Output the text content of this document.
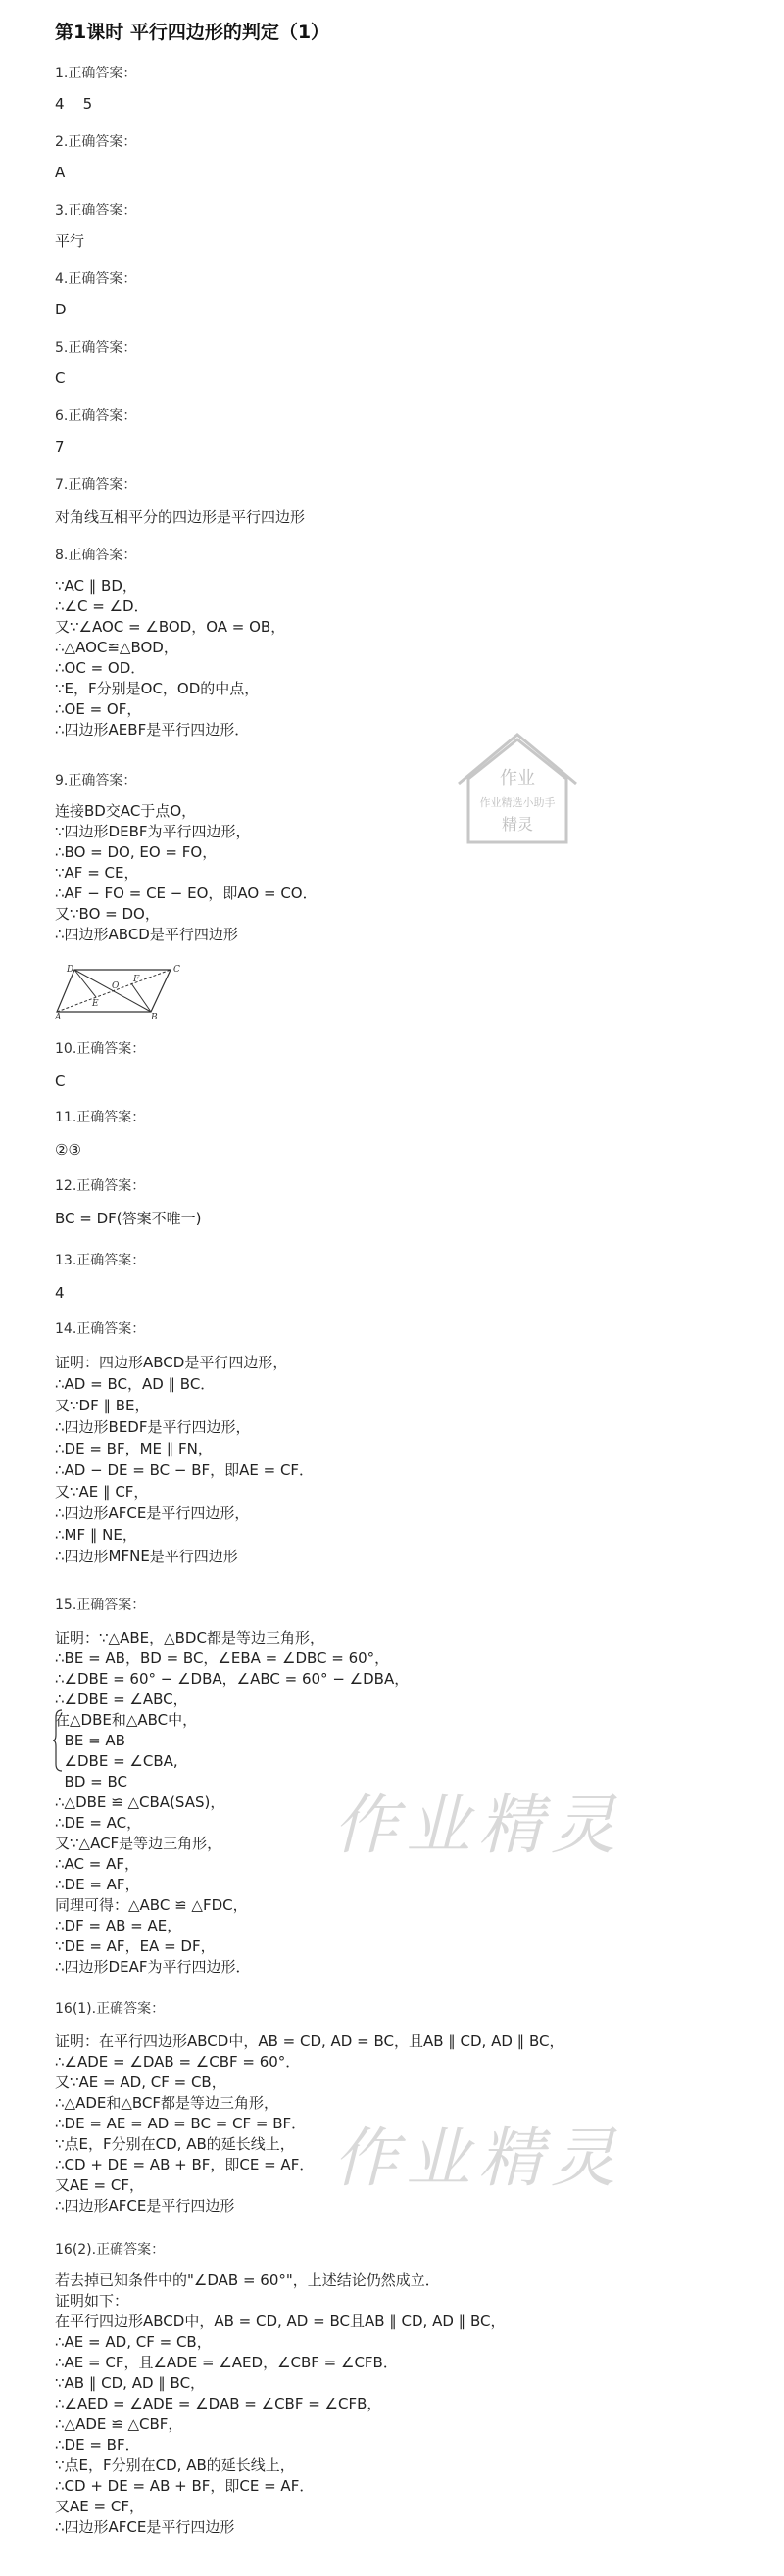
第1课时 平行四边形的判定（1）
1.正确答案：
4    5
2.正确答案：
A
3.正确答案：
平行
4.正确答案：
D
5.正确答案：
C
6.正确答案：
7
7.正确答案：
对角线互相平分的四边形是平行四边形
8.正确答案：
∵AC ∥ BD，
∴∠C = ∠D．
又∵∠AOC = ∠BOD，OA = OB，
∴△AOC≌△BOD，
∴OC = OD．
∵E，F分别是OC，OD的中点，
∴OE = OF，
∴四边形AEBF是平行四边形．
作业
作业精选小助手
精灵
9.正确答案：
连接BD交AC于点O，
∵四边形DEBF为平行四边形，
∴BO = DO, EO = FO，
∵AF = CE，
∴AF − FO = CE − EO，即AO = CO．
又∵BO = DO，
∴四边形ABCD是平行四边形
D	C
A	B
E
O
F
10.正确答案：
C
11.正确答案：
②③
12.正确答案：
BC = DF(答案不唯一)
13.正确答案：
4
14.正确答案：
证明：四边形ABCD是平行四边形，
∴AD = BC，AD ∥ BC．
又∵DF ∥ BE，
∴四边形BEDF是平行四边形，
∴DE = BF，ME ∥ FN，
∴AD − DE = BC − BF，即AE = CF．
又∵AE ∥ CF，
∴四边形AFCE是平行四边形，
∴MF ∥ NE，
∴四边形MFNE是平行四边形
15.正确答案：
证明：∵△ABE，△BDC都是等边三角形，
∴BE = AB，BD = BC，∠EBA = ∠DBC = 60°，
∴∠DBE = 60° − ∠DBA，∠ABC = 60° − ∠DBA，
∴∠DBE = ∠ABC，
在△DBE和△ABC中，
BE = AB
∠DBE = ∠CBA,
BD = BC
∴△DBE ≌ △CBA(SAS)，
∴DE = AC，
又∵△ACF是等边三角形，
∴AC = AF，
∴DE = AF，
同理可得：△ABC ≌ △FDC，
∴DF = AB = AE，
∵DE = AF，EA = DF，
∴四边形DEAF为平行四边形．
作业精灵
16(1).正确答案：
证明：在平行四边形ABCD中，AB = CD, AD = BC，且AB ∥ CD, AD ∥ BC，
∴∠ADE = ∠DAB = ∠CBF = 60°．
又∵AE = AD, CF = CB，
∴△ADE和△BCF都是等边三角形，
∴DE = AE = AD = BC = CF = BF．
∵点E，F分别在CD, AB的延长线上，
∴CD + DE = AB + BF，即CE = AF．
又AE = CF，
∴四边形AFCE是平行四边形
作业精灵
16(2).正确答案：
若去掉已知条件中的"∠DAB = 60°"，上述结论仍然成立．
证明如下：
在平行四边形ABCD中，AB = CD, AD = BC且AB ∥ CD, AD ∥ BC，
∴AE = AD, CF = CB，
∴AE = CF，且∠ADE = ∠AED，∠CBF = ∠CFB．
∵AB ∥ CD, AD ∥ BC，
∴∠AED = ∠ADE = ∠DAB = ∠CBF = ∠CFB，
∴△ADE ≌ △CBF，
∴DE = BF．
∵点E，F分别在CD, AB的延长线上，
∴CD + DE = AB + BF，即CE = AF．
又AE = CF，
∴四边形AFCE是平行四边形
